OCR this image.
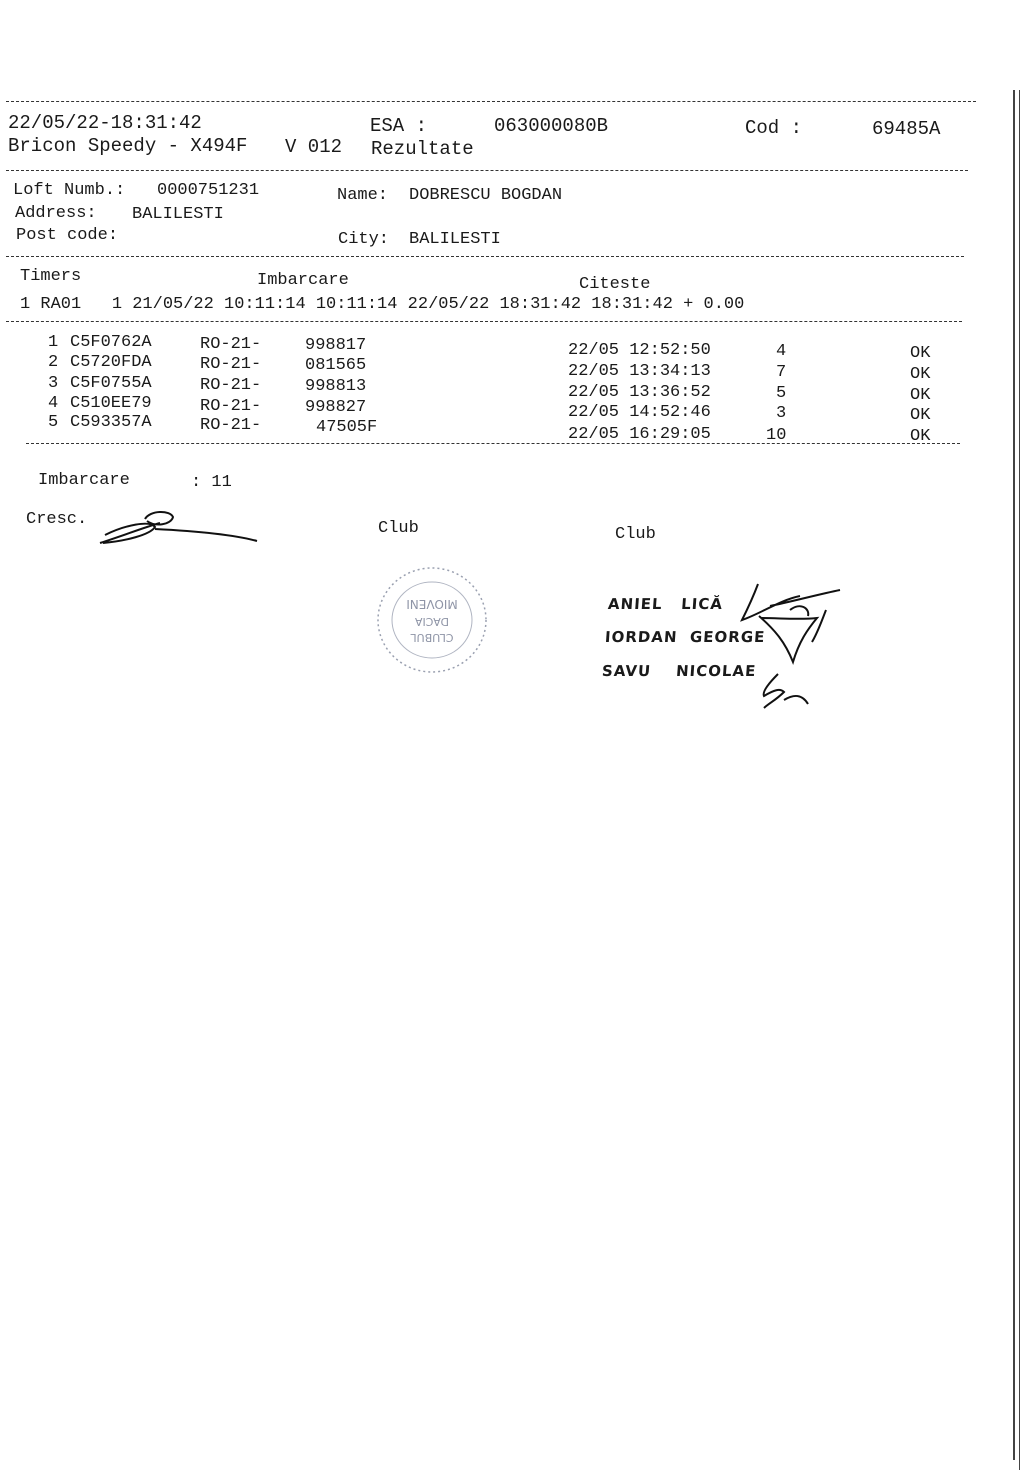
22/05/22-18:31:42	ESA :	063000080B	Cod :	69485A
Bricon Speedy - X494F V 012 Rezultate
Loft Numb.: 0000751231	Name: DOBRESCU BOGDAN
Address: BALILESTI
Post code:	City: BALILESTI
Timers	Imbarcare	Citeste
1 RA01   1 21/05/22 10:11:14 10:11:14 22/05/22 18:31:42 18:31:42 + 0.00
1 C5F0762A	RO-21-	998817	22/05 12:52:50	4	OK
2 C5720FDA	RO-21-	081565	22/05 13:34:13	7	OK
3 C5F0755A	RO-21-	998813	22/05 13:36:52	5	OK
4 C510EE79	RO-21-	998827	22/05 14:52:46	3	OK
5 C593357A	RO-21-	47505F	22/05 16:29:05	10	OK
Imbarcare	: 11
Cresc.	Club	Club
MIOVENI
DACIA
CLUBUL
ANIEL   LICĂ
IORDAN  GEORGE
SAVU    NICOLAE
